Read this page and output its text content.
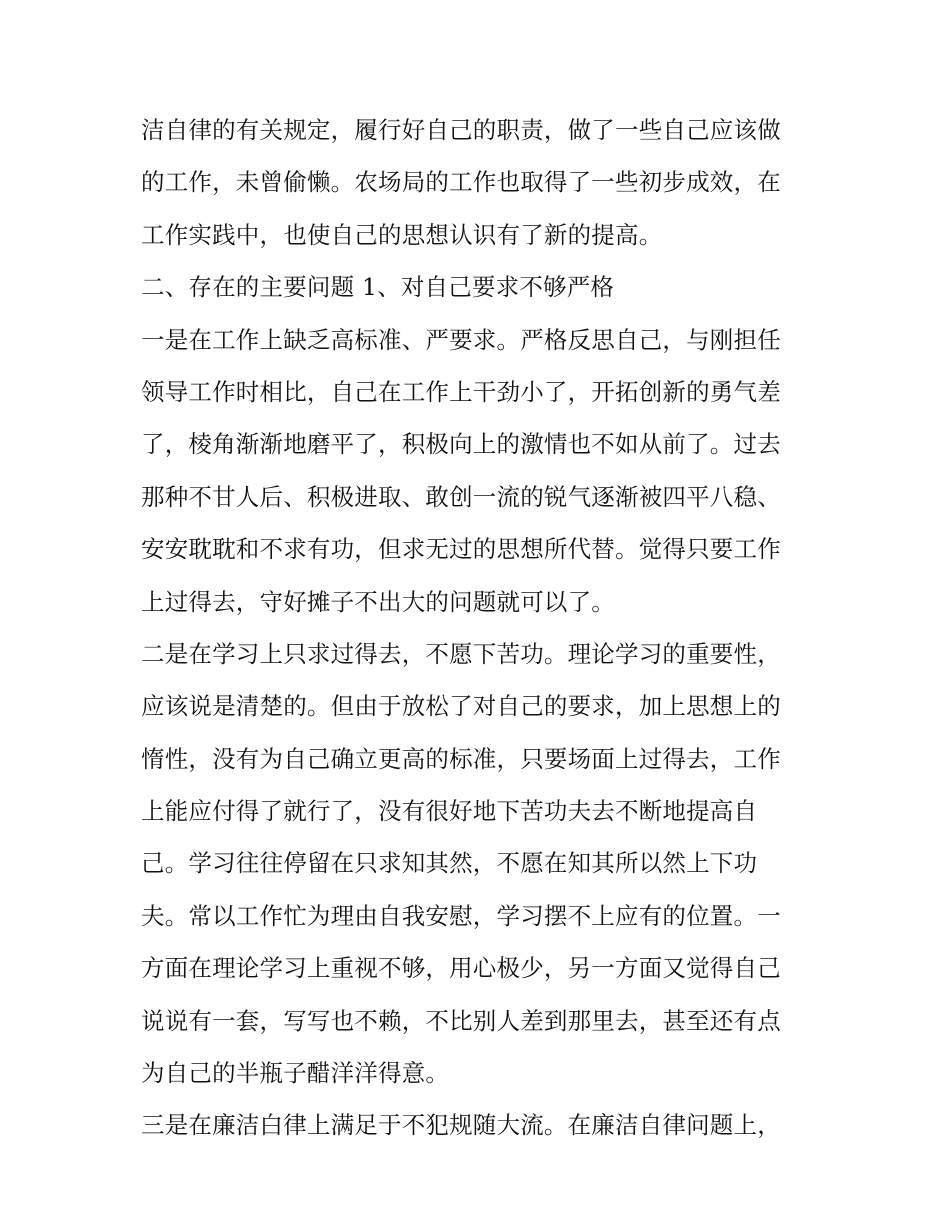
洁自律的有关规定，履行好自己的职责，做了一些自己应该做
的工作，未曾偷懒。农场局的工作也取得了一些初步成效，在
工作实践中，也使自己的思想认识有了新的提高。
二、存在的主要问题 1、对自己要求不够严格
一是在工作上缺乏高标准、严要求。严格反思自己，与刚担任
领导工作时相比，自己在工作上干劲小了，开拓创新的勇气差
了，棱角渐渐地磨平了，积极向上的激情也不如从前了。过去
那种不甘人后、积极进取、敢创一流的锐气逐渐被四平八稳、
安安耽耽和不求有功，但求无过的思想所代替。觉得只要工作
上过得去，守好摊子不出大的问题就可以了。
二是在学习上只求过得去，不愿下苦功。理论学习的重要性，
应该说是清楚的。但由于放松了对自己的要求，加上思想上的
惰性，没有为自己确立更高的标准，只要场面上过得去，工作
上能应付得了就行了，没有很好地下苦功夫去不断地提高自
己。学习往往停留在只求知其然，不愿在知其所以然上下功
夫。常以工作忙为理由自我安慰，学习摆不上应有的位置。一
方面在理论学习上重视不够，用心极少，另一方面又觉得自己
说说有一套，写写也不赖，不比别人差到那里去，甚至还有点
为自己的半瓶子醋洋洋得意。
三是在廉洁白律上满足于不犯规随大流。在廉洁自律问题上，
